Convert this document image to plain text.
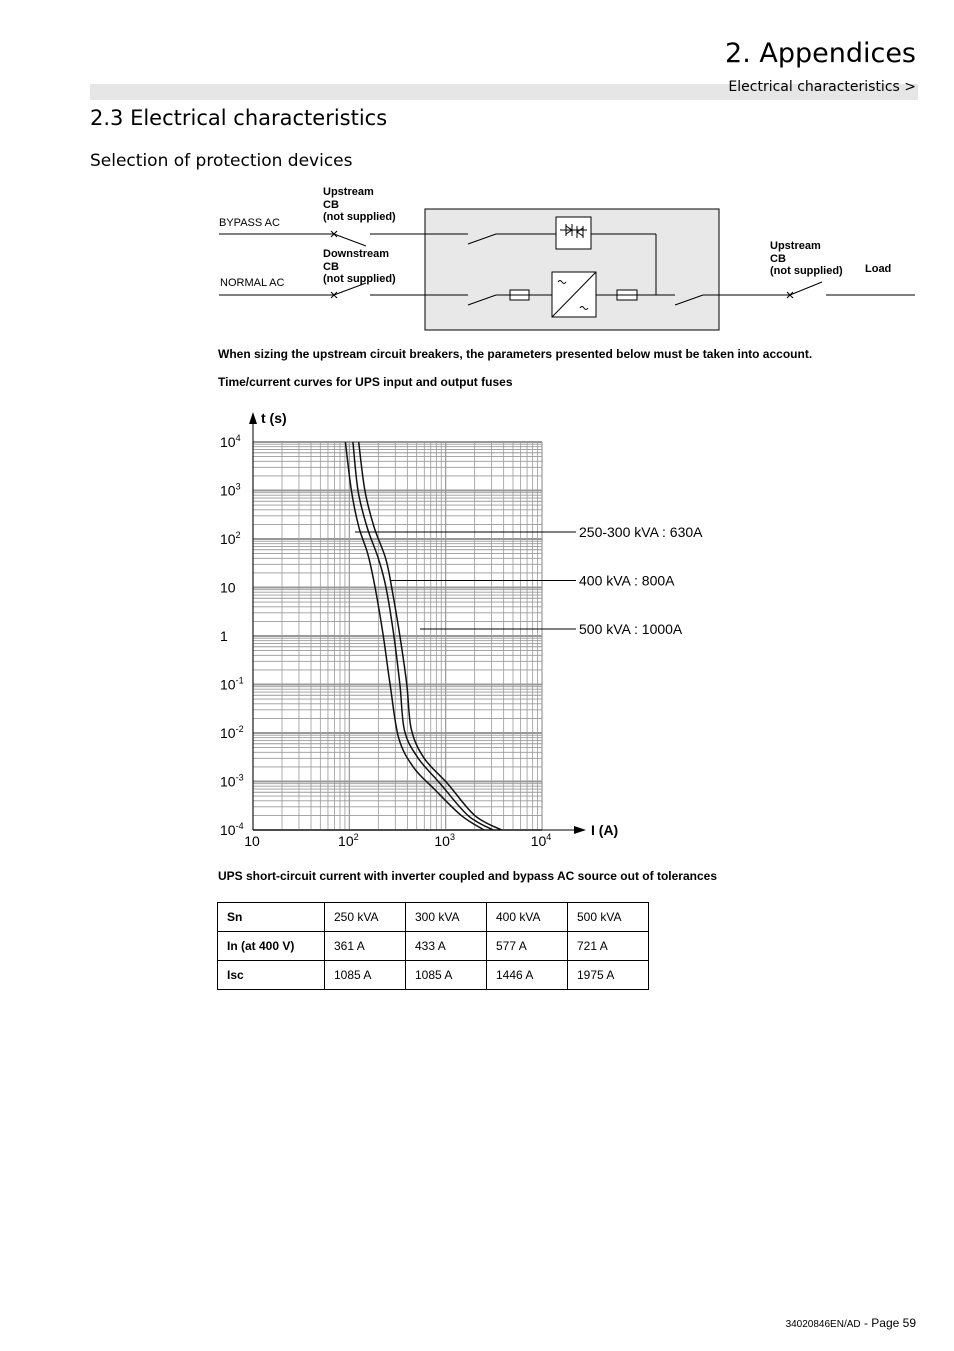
2. Appendices
Electrical characteristics >
2.3 Electrical characteristics
Selection of protection devices
Upstream
CB
(not supplied)
Downstream
CB
(not supplied)
Upstream
CB
(not supplied) Load
BYPASS AC
NORMAL AC
When sizing the upstream circuit breakers, the parameters presented below must be taken into account.
Time/current curves for UPS input and output fuses
t (s)
I (A)
10	$10^2$	$10^3$	$10^4$
$10^4$
$10^3$
$10^2$
10
1
$10^{-1}$
$10^{-2}$
$10^{-3}$
$10^{-4}$
250-300 kVA : 630A
400 kVA : 800A
500 kVA : 1000A
UPS short-circuit current with inverter coupled and bypass AC source out of tolerances
Sn	250 kVA	300 kVA	400 kVA	500 kVA
In (at 400 V)	361 A	433 A	577 A	721 A
Isc	1085 A	1085 A	1446 A	1975 A
34020846EN/AD - Page 59
